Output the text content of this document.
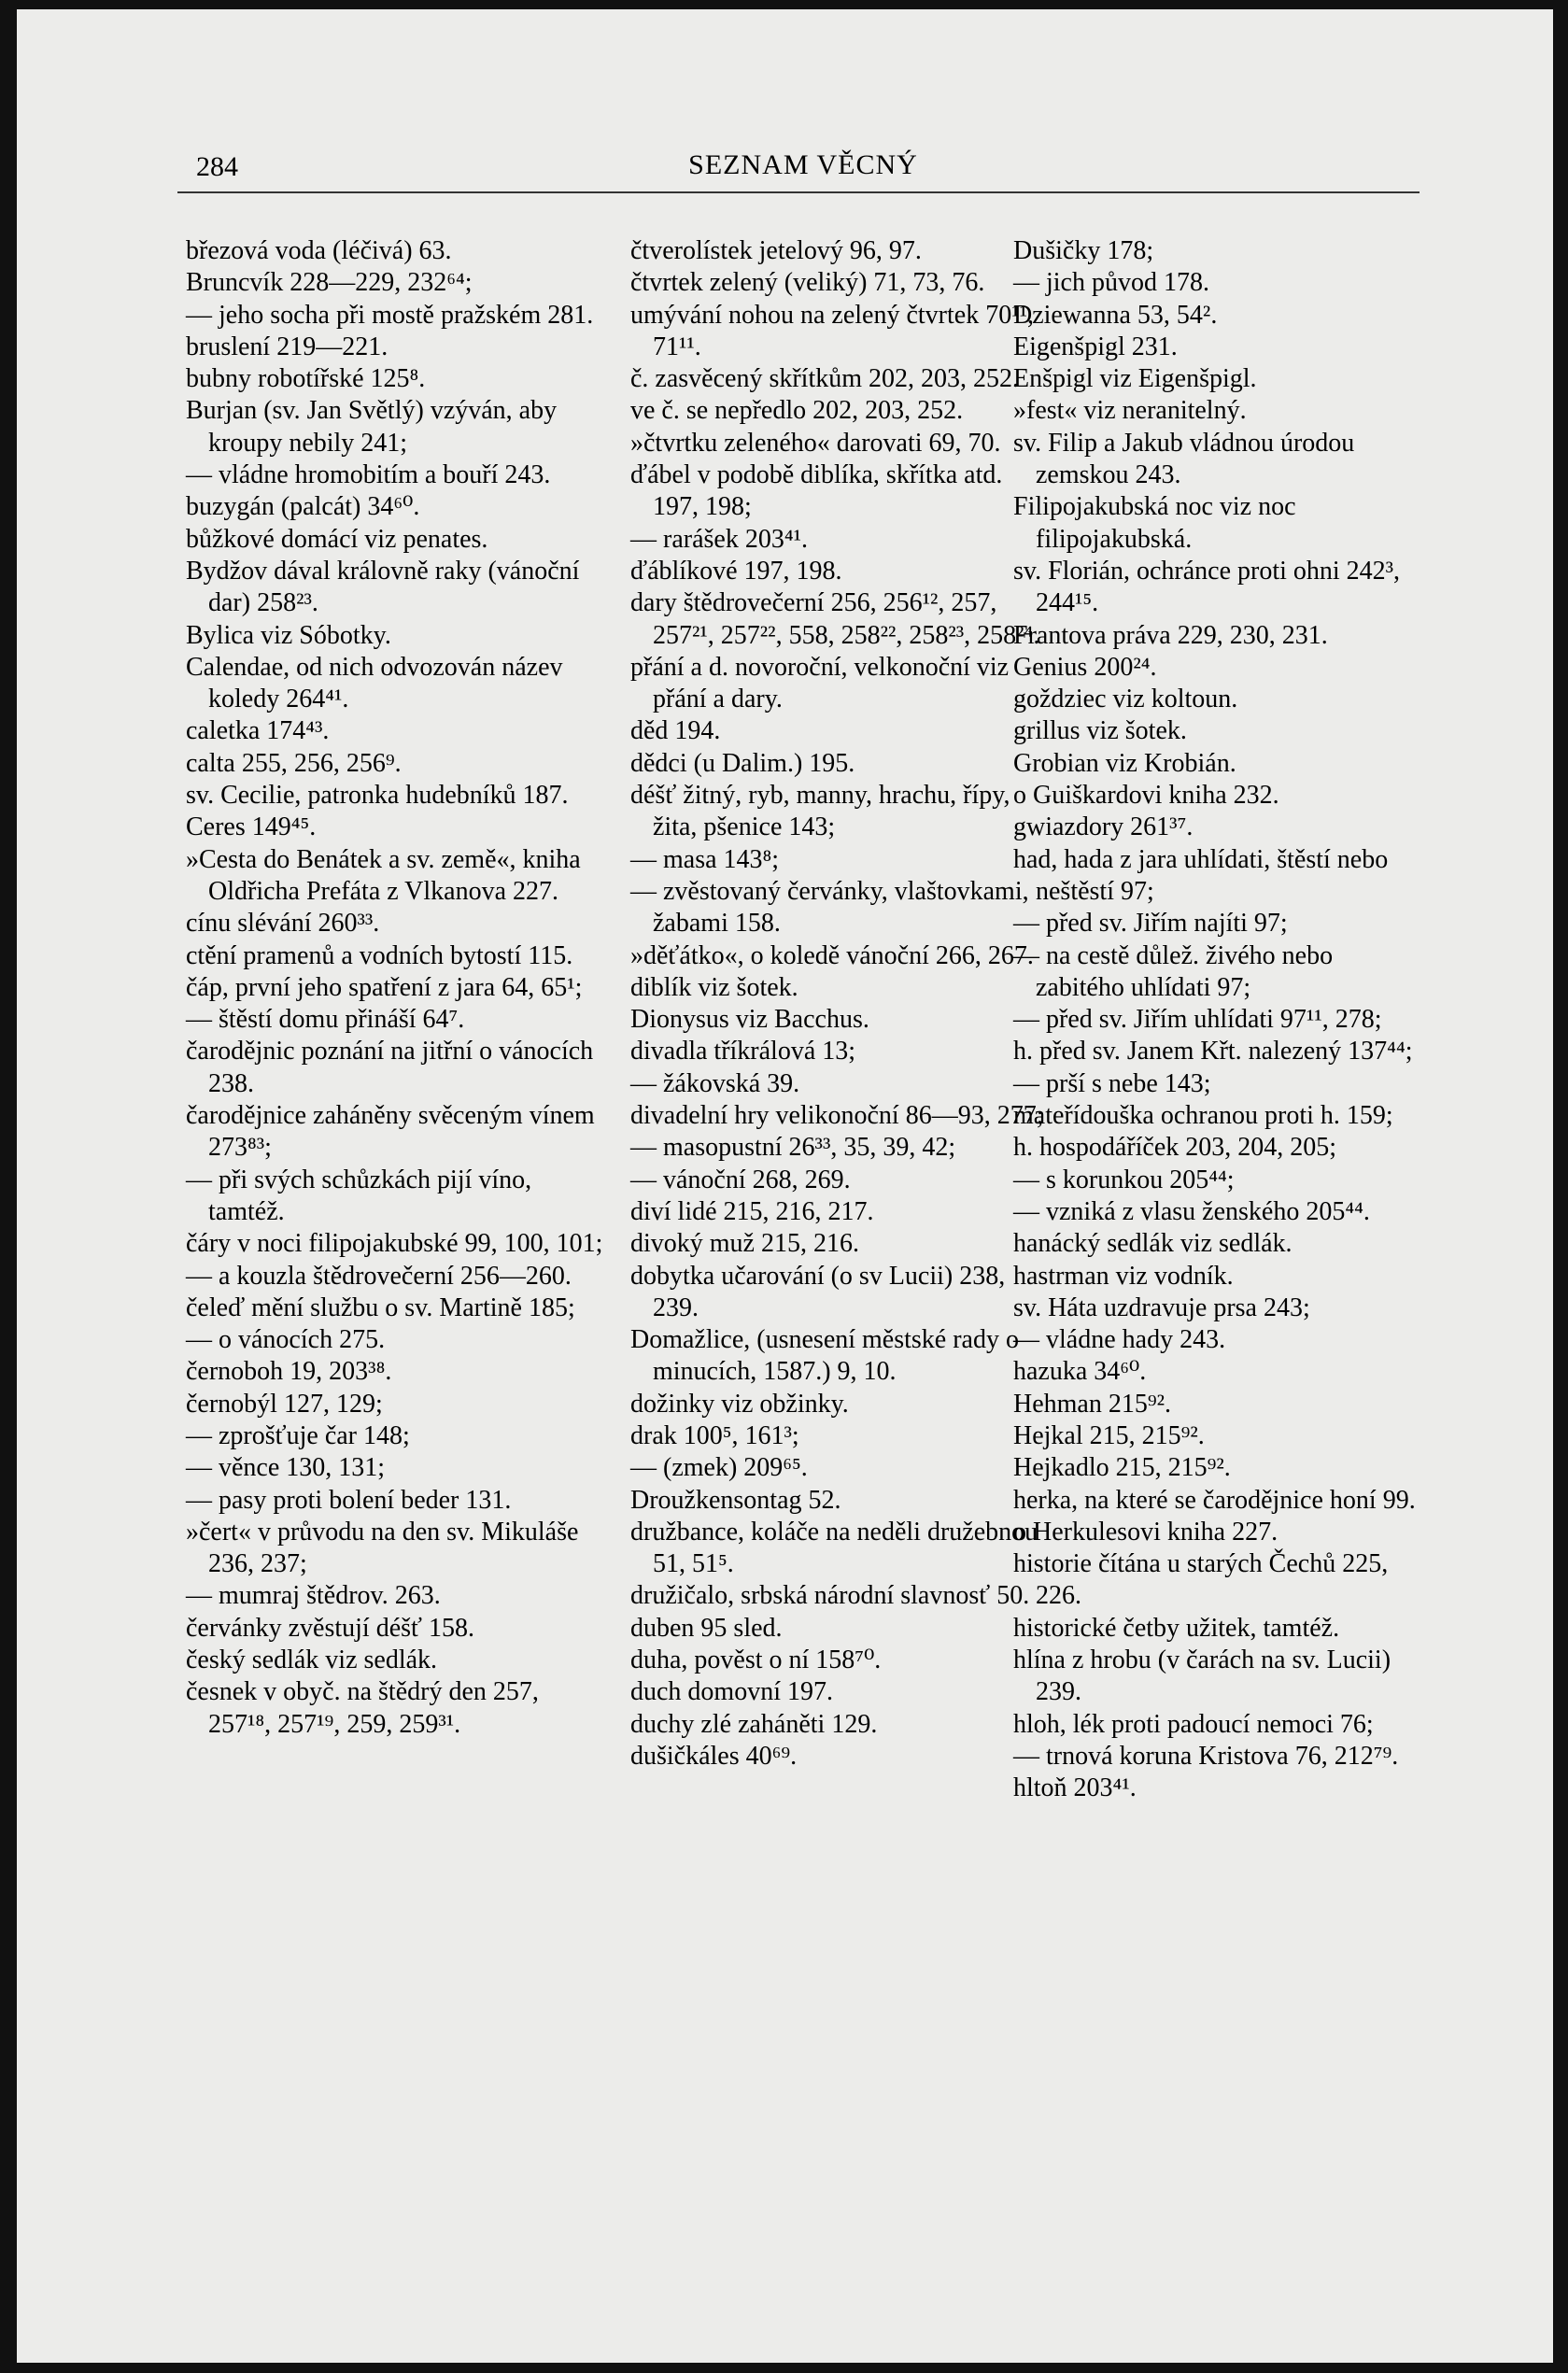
284	SEZNAM VĚCNÝ

březová voda (léčivá) 63.

Bruncvík 228—229, 232⁶⁴;

— jeho socha při mostě pražském 281.

bruslení 219—221.

bubny robotířské 125⁸.

Burjan (sv. Jan Světlý) vzýván, aby kroupy nebily 241;

— vládne hromobitím a bouří 243.

buzygán (palcát) 34⁶⁰.

bůžkové domácí viz penates.

Bydžov dával královně raky (vánoční dar) 258²³.

Bylica viz Sóbotky.

Calendae, od nich odvozován název koledy 264⁴¹.

caletka 174⁴³.

calta 255, 256, 256⁹.

sv. Cecilie, patronka hudebníků 187.

Ceres 149⁴⁵.

»Cesta do Benátek a sv. země«, kniha Oldřicha Prefáta z Vlkanova 227.

cínu slévání 260³³.

ctění pramenů a vodních bytostí 115.

čáp, první jeho spatření z jara 64, 65¹;

— štěstí domu přináší 64⁷.

čarodějnic poznání na jitřní o vánocích 238.

čarodějnice zaháněny svěceným vínem 273⁸³;

— při svých schůzkách pijí víno, tamtéž.

čáry v noci filipojakubské 99, 100, 101;

— a kouzla štědrovečerní 256—260.

čeleď mění službu o sv. Martině 185;

— o vánocích 275.

černoboh 19, 203³⁸.

černobýl 127, 129;

— zprošťuje čar 148;

— věnce 130, 131;

— pasy proti bolení beder 131.

»čert« v průvodu na den sv. Mikuláše 236, 237;

— mumraj štědrov. 263.

červánky zvěstují déšť 158.

český sedlák viz sedlák.

česnek v obyč. na štědrý den 257, 257¹⁸, 257¹⁹, 259, 259³¹.

čtverolístek jetelový 96, 97.

čtvrtek zelený (veliký) 71, 73, 76.

umývání nohou na zelený čtvrtek 70¹¹, 71¹¹.

č. zasvěcený skřítkům 202, 203, 252.

ve č. se nepředlo 202, 203, 252.

»čtvrtku zeleného« darovati 69, 70.

ďábel v podobě diblíka, skřítka atd. 197, 198;

— rarášek 203⁴¹.

ďáblíkové 197, 198.

dary štědrovečerní 256, 256¹², 257, 257²¹, 257²², 558, 258²², 258²³, 258²⁴.

přání a d. novoroční, velkonoční viz přání a dary.

děd 194.

dědci (u Dalim.) 195.

déšť žitný, ryb, manny, hrachu, řípy, žita, pšenice 143;

— masa 143⁸;

— zvěstovaný červánky, vlaštovkami, žabami 158.

»děťátko«, o koledě vánoční 266, 267.

diblík viz šotek.

Dionysus viz Bacchus.

divadla tříkrálová 13;

— žákovská 39.

divadelní hry velikonoční 86—93, 277;

— masopustní 26³³, 35, 39, 42;

— vánoční 268, 269.

diví lidé 215, 216, 217.

divoký muž 215, 216.

dobytka učarování (o sv Lucii) 238, 239.

Domažlice, (usnesení městské rady o minucích, 1587.) 9, 10.

dožinky viz obžinky.

drak 100⁵, 161³;

— (zmek) 209⁶⁵.

Droužkensontag 52.

družbance, koláče na neděli družebnou 51, 51⁵.

družičalo, srbská národní slavnosť 50.

duben 95 sled.

duha, pověst o ní 158⁷⁰.

duch domovní 197.

duchy zlé zaháněti 129.

dušičkáles 40⁶⁹.

Dušičky 178;

— jich původ 178.

Dziewanna 53, 54².

Eigenšpigl 231.

Enšpigl viz Eigenšpigl.

»fest« viz neranitelný.

sv. Filip a Jakub vládnou úrodou zemskou 243.

Filipojakubská noc viz noc filipojakubská.

sv. Florián, ochránce proti ohni 242³, 244¹⁵.

Frantova práva 229, 230, 231.

Genius 200²⁴.

goždziec viz koltoun.

grillus viz šotek.

Grobian viz Krobián.

o Guiškardovi kniha 232.

gwiazdory 261³⁷.

had, hada z jara uhlídati, štěstí nebo neštěstí 97;

— před sv. Jiřím najíti 97;

— na cestě důlež. živého nebo zabitého uhlídati 97;

— před sv. Jiřím uhlídati 97¹¹, 278;

h. před sv. Janem Křt. nalezený 137⁴⁴;

— prší s nebe 143;

mateřídouška ochranou proti h. 159;

h. hospodáříček 203, 204, 205;

— s korunkou 205⁴⁴;

— vzniká z vlasu ženského 205⁴⁴.

hanácký sedlák viz sedlák.

hastrman viz vodník.

sv. Háta uzdravuje prsa 243;

— vládne hady 243.

hazuka 34⁶⁰.

Hehman 215⁹².

Hejkal 215, 215⁹².

Hejkadlo 215, 215⁹².

herka, na které se čarodějnice honí 99.

o Herkulesovi kniha 227.

historie čítána u starých Čechů 225, 226.

historické četby užitek, tamtéž.

hlína z hrobu (v čarách na sv. Lucii) 239.

hloh, lék proti padoucí nemoci 76;

— trnová koruna Kristova 76, 212⁷⁹.

hltoň 203⁴¹.
